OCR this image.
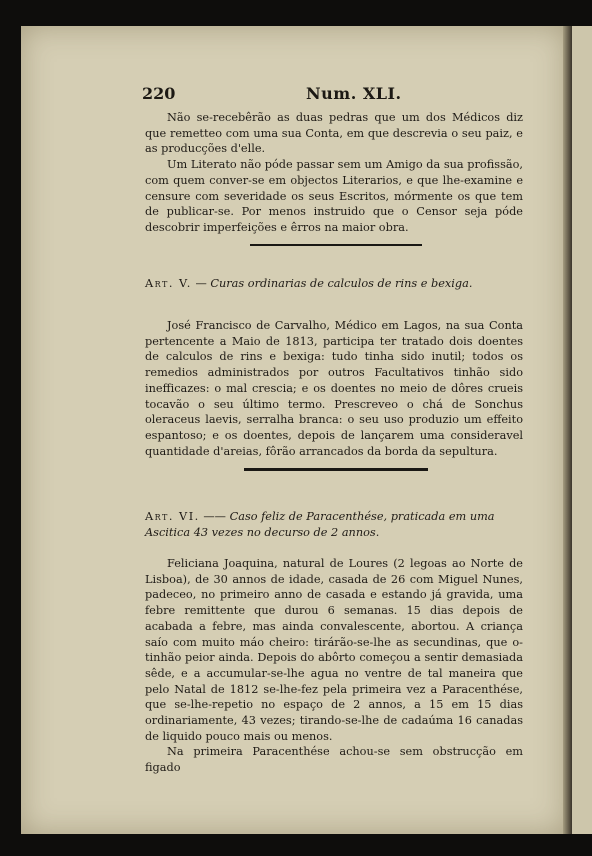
220	Num. XLI.

Não se-recebêrão as duas pedras que um dos Médicos diz que remetteo com uma sua Conta, em que descrevia o seu paiz, e as producções d'elle.

Um Literato não póde passar sem um Amigo da sua profissão, com quem conver-se em objectos Literarios, e que lhe-examine e censure com severidade os seus Escritos, mórmente os que tem de publicar-se. Por menos instruido que o Censor seja póde descobrir imperfeições e êrros na maior obra.

Art. V. — Curas ordinarias de calculos de rins e bexiga.

José Francisco de Carvalho, Médico em Lagos, na sua Conta pertencente a Maio de 1813, participa ter tratado dois doentes de calculos de rins e bexiga: tudo tinha sido inutil; todos os remedios administrados por outros Facultativos tinhão sido inefficazes: o mal crescia; e os doentes no meio de dôres crueis tocavão o seu último termo. Prescreveo o chá de Sonchus oleraceus laevis, serralha branca: o seu uso produzio um effeito espantoso; e os doentes, depois de lançarem uma consideravel quantidade d'areias, fôrão arrancados da borda da sepultura.

Art. VI. —— Caso feliz de Paracenthése, praticada em uma Ascitica 43 vezes no decurso de 2 annos.

Feliciana Joaquina, natural de Loures (2 legoas ao Norte de Lisboa), de 30 annos de idade, casada de 26 com Miguel Nunes, padeceo, no primeiro anno de casada e estando já gravida, uma febre remittente que durou 6 semanas. 15 dias depois de acabada a febre, mas ainda convalescente, abortou. A criança saío com muito máo cheiro: tirárão-se-lhe as secundinas, que o-tinhão peior ainda. Depois do abôrto começou a sentir demasiada sêde, e a accumular-se-lhe agua no ventre de tal maneira que pelo Natal de 1812 se-lhe-fez pela primeira vez a Paracenthése, que se-lhe-repetio no espaço de 2 annos, a 15 em 15 dias ordinariamente, 43 vezes; tirando-se-lhe de cadaúma 16 canadas de liquido pouco mais ou menos.

Na primeira Paracenthése achou-se sem obstrucção em figado
